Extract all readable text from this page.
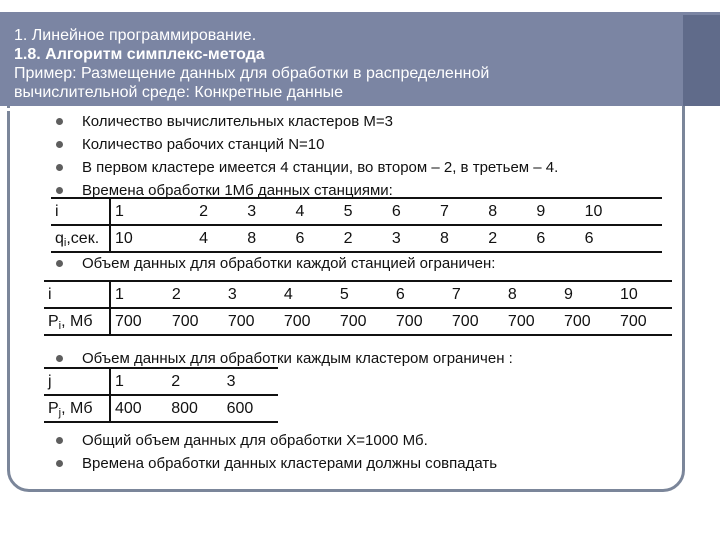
1. Линейное программирование.
1.8. Алгоритм симплекс-метода
Пример: Размещение данных для обработки в распределенной
вычислительной среде: Конкретные данные
Количество вычислительных кластеров M=3
Количество рабочих станций N=10
В первом кластере имеется 4 станции, во втором – 2, в третьем – 4.
Времена обработки 1Мб данных станциями:
i	1	2	3	4	5	6	7	8	9	10
qi,сек.	10	4	8	6	2	3	8	2	6	6
Объем данных для обработки каждой станцией ограничен:
i	1	2	3	4	5	6	7	8	9	10
Pi, Мб	700	700	700	700	700	700	700	700	700	700
Объем данных для обработки каждым кластером ограничен :
j	1	2	3
Pj, Мб	400	800	600
Общий объем данных для обработки X=1000 Мб.
Времена обработки данных кластерами должны совпадать
